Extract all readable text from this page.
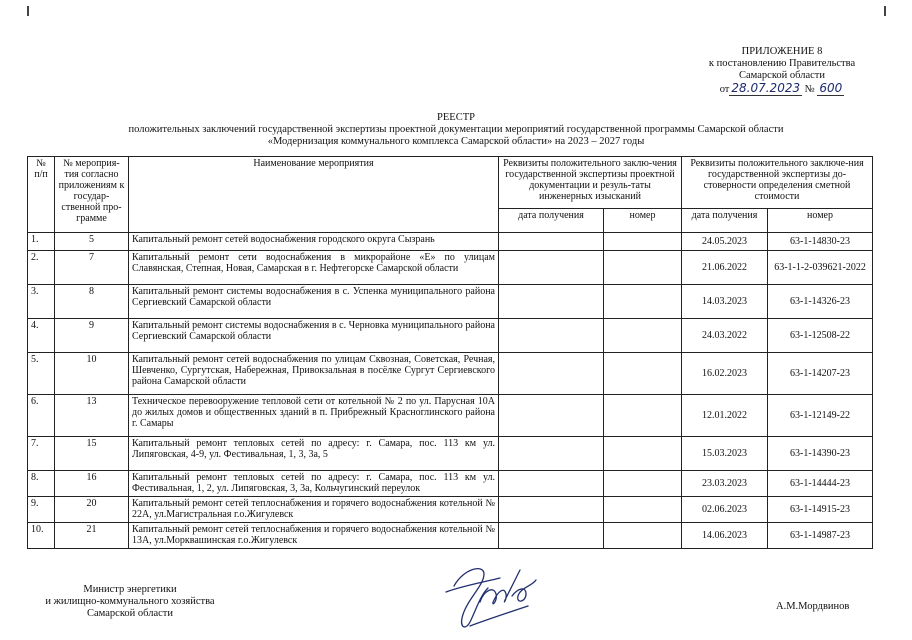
ПРИЛОЖЕНИЕ 8
к постановлению Правительства
Самарской области
от 28.07.2023 № 600
РЕЕСТР
положительных заключений государственной экспертизы проектной документации мероприятий государственной программы Самарской области
«Модернизация коммунального комплекса Самарской области» на 2023 – 2027 годы
№ п/п	№ мероприя-тия согласно приложениям к государ-ственной про-грамме	Наименование мероприятия	Реквизиты положительного заклю-чения государственной экспертизы проектной документации и резуль-таты инженерных изысканий		Реквизиты положительного заключе-ния государственной экспертизы до-стоверности определения сметной стоимости	
			дата получения	номер	дата получения	номер
1.	5	Капитальный ремонт сетей водоснабжения городского округа Сызрань			24.05.2023	63-1-14830-23
2.	7	Капитальный ремонт сети водоснабжения в микрорайоне «Е» по улицам Славянская, Степная, Новая, Самарская в г. Нефтегорске Самарской области			21.06.2022	63-1-1-2-039621-2022
3.	8	Капитальный ремонт системы водоснабжения в с. Успенка муниципального района Сергиевский Самарской области			14.03.2023	63-1-14326-23
4.	9	Капитальный ремонт системы водоснабжения в с. Черновка муниципального района Сергиевский Самарской области			24.03.2022	63-1-12508-22
5.	10	Капитальный ремонт сетей водоснабжения по улицам Сквозная, Советская, Речная, Шевченко, Сургутская, Набережная, Привокзальная в посёлке Сургут Сергиевского района Самарской области			16.02.2023	63-1-14207-23
6.	13	Техническое перевооружение тепловой сети от котельной № 2 по ул. Парусная 10А до жилых домов и общественных зданий в п. Прибрежный Красноглинского района г. Самары			12.01.2022	63-1-12149-22
7.	15	Капитальный ремонт тепловых сетей по адресу: г. Самара, пос. 113 км ул. Липяговская, 4-9, ул. Фестивальная, 1, 3, 3а, 5			15.03.2023	63-1-14390-23
8.	16	Капитальный ремонт тепловых сетей по адресу: г. Самара, пос. 113 км ул. Фестивальная, 1, 2, ул. Липяговская, 3, 3а, Кольчугинский переулок			23.03.2023	63-1-14444-23
9.	20	Капитальный ремонт сетей теплоснабжения и горячего водоснабжения котельной № 22А, ул.Магистральная г.о.Жигулевск			02.06.2023	63-1-14915-23
10.	21	Капитальный ремонт сетей теплоснабжения и горячего водоснабжения котельной № 13А, ул.Морквашинская г.о.Жигулевск			14.06.2023	63-1-14987-23
Министр энергетики
и жилищно-коммунального хозяйства
Самарской области
А.М.Мордвинов
